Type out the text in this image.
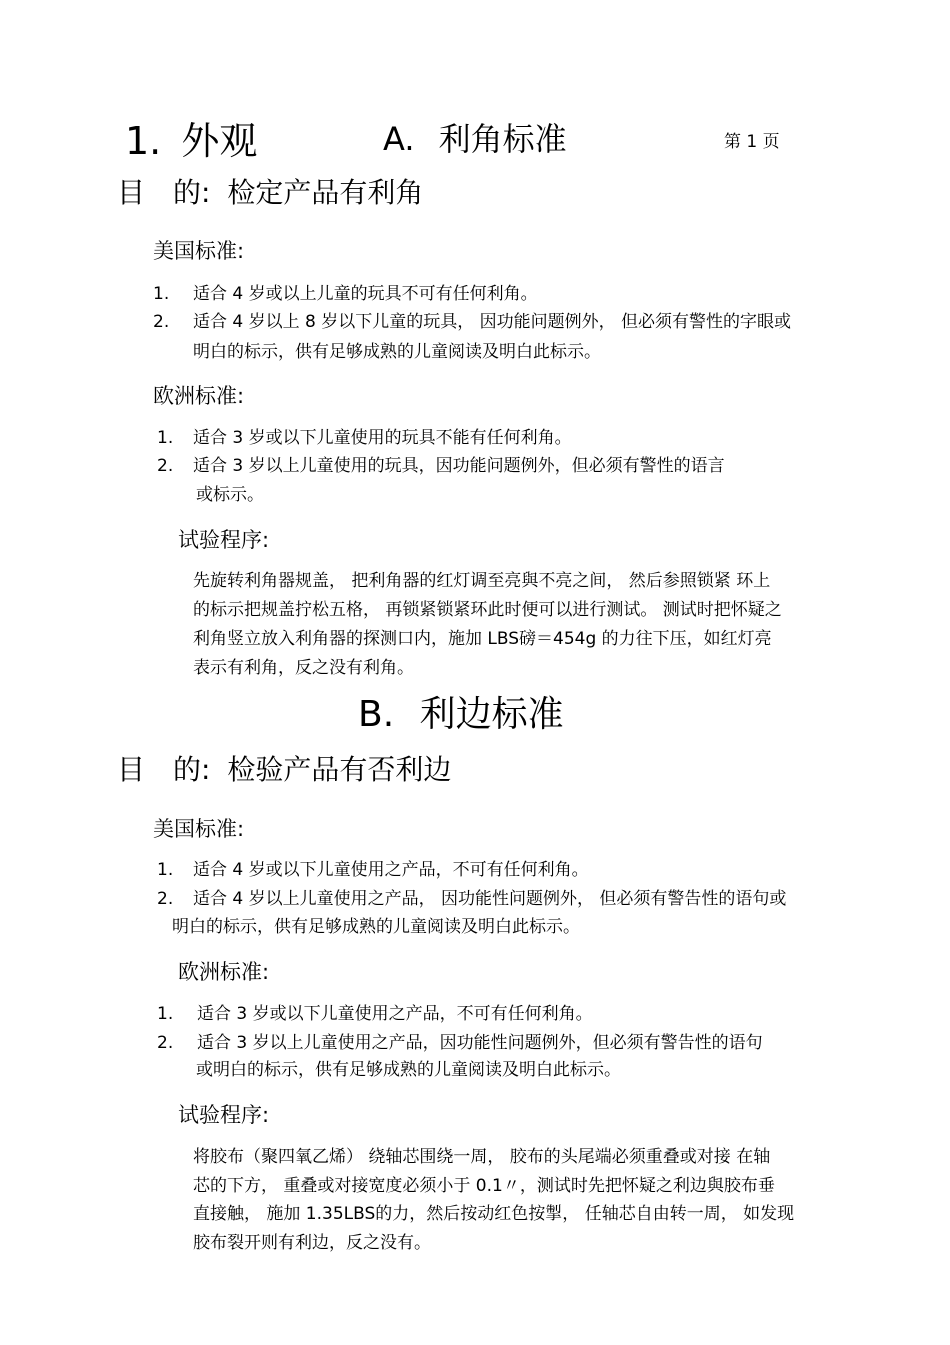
1. 外观	A. 利角标准	第 1 页
目　的: 检定产品有利角
美国标准:
1. 适合 4 岁或以上儿童的玩具不可有任何利角。
2. 适合 4 岁以上 8 岁以下儿童的玩具， 因功能问题例外， 但必须有警性的字眼或
明白的标示，供有足够成熟的儿童阅读及明白此标示。
欧洲标准:
1. 适合 3 岁或以下儿童使用的玩具不能有任何利角。
2. 适合 3 岁以上儿童使用的玩具，因功能问题例外，但必须有警性的语言
或标示。
试验程序:
先旋转利角器规盖， 把利角器的红灯调至亮與不亮之间， 然后参照锁紧 环上
的标示把规盖拧松五格， 再锁紧锁紧环此时便可以进行测试。 测试时把怀疑之
利角竖立放入利角器的探测口内，施加 LBS磅＝454g 的力往下压，如红灯亮
表示有利角，反之没有利角。
B. 利边标准
目　的: 检验产品有否利边
美国标准:
1. 适合 4 岁或以下儿童使用之产品，不可有任何利角。
2. 适合 4 岁以上儿童使用之产品， 因功能性问题例外， 但必须有警告性的语句或
明白的标示，供有足够成熟的儿童阅读及明白此标示。
欧洲标准:
1. 适合 3 岁或以下儿童使用之产品，不可有任何利角。
2. 适合 3 岁以上儿童使用之产品，因功能性问题例外，但必须有警告性的语句
或明白的标示，供有足够成熟的儿童阅读及明白此标示。
试验程序:
将胶布（聚四氧乙烯） 绕轴芯围绕一周， 胶布的头尾端必须重叠或对接 在轴
芯的下方， 重叠或对接宽度必须小于 0.1〃，测试时先把怀疑之利边與胶布垂
直接触， 施加 1.35LBS的力，然后按动红色按掣， 任轴芯自由转一周， 如发现
胶布裂开则有利边，反之没有。
